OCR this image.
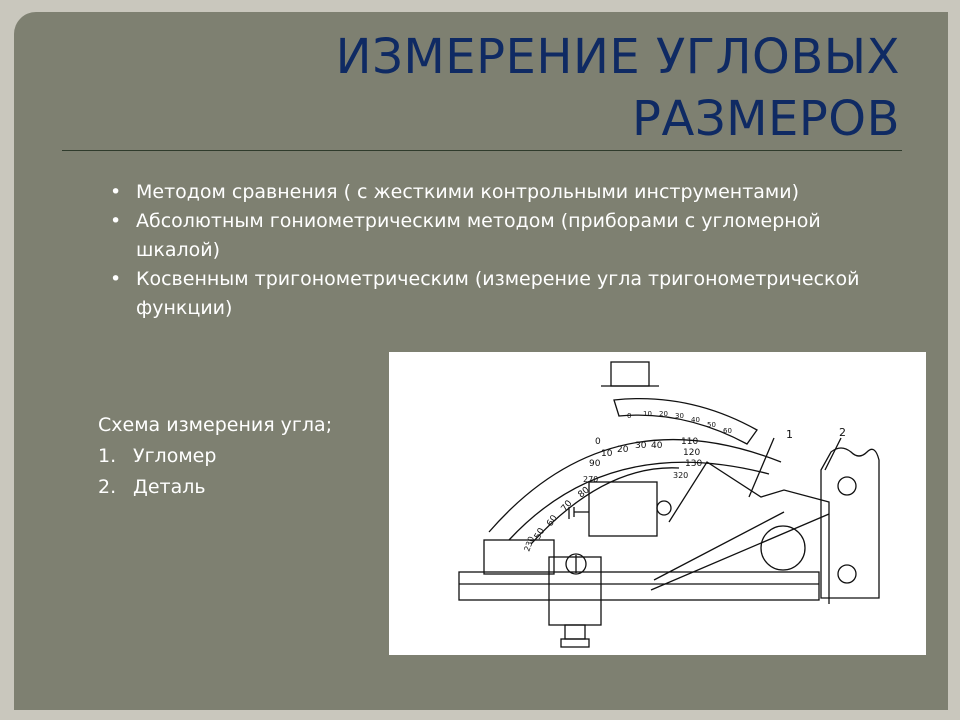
ИЗМЕРЕНИЕ УГЛОВЫХ
РАЗМЕРОВ
• Методом сравнения ( с жесткими контрольными инструментами)
• Абсолютным гониометрическим методом (приборами с угломерной шкалой)
• Косвенным тригонометрическим (измерение угла тригонометрической функции)
Схема измерения угла;
1. Угломер
2. Деталь
1	2
50
60
70
80
0
10 20 30 40
90
110
120
130
0 10 20 30 40
50
60
230
270	320
